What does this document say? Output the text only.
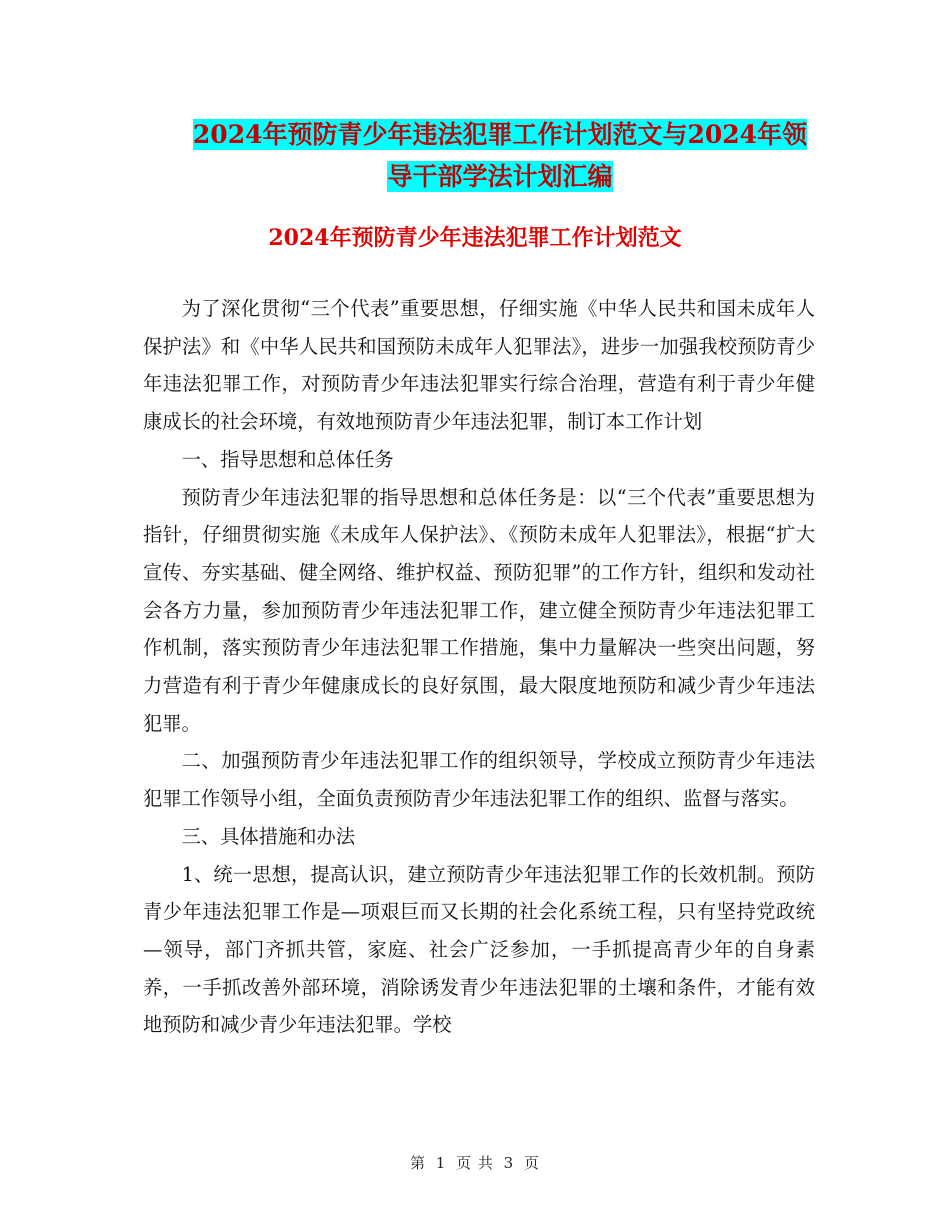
2024年预防青少年违法犯罪工作计划范文与2024年领
导干部学法计划汇编
2024年预防青少年违法犯罪工作计划范文

为了深化贯彻“三个代表”重要思想，仔细实施《中华人民共和国未成年人保护法》和《中华人民共和国预防未成年人犯罪法》，进步一加强我校预防青少年违法犯罪工作，对预防青少年违法犯罪实行综合治理，营造有利于青少年健康成长的社会环境，有效地预防青少年违法犯罪，制订本工作计划

一、指导思想和总体任务

预防青少年违法犯罪的指导思想和总体任务是：以“三个代表”重要思想为指针，仔细贯彻实施《未成年人保护法》、《预防未成年人犯罪法》，根据“扩大宣传、夯实基础、健全网络、维护权益、预防犯罪”的工作方针，组织和发动社会各方力量，参加预防青少年违法犯罪工作，建立健全预防青少年违法犯罪工作机制，落实预防青少年违法犯罪工作措施，集中力量解决一些突出问题，努力营造有利于青少年健康成长的良好氛围，最大限度地预防和减少青少年违法犯罪。

二、加强预防青少年违法犯罪工作的组织领导，学校成立预防青少年违法犯罪工作领导小组，全面负责预防青少年违法犯罪工作的组织、监督与落实。

三、具体措施和办法

1、统一思想，提高认识，建立预防青少年违法犯罪工作的长效机制。预防青少年违法犯罪工作是—项艰巨而又长期的社会化系统工程，只有坚持党政统—领导，部门齐抓共管，家庭、社会广泛参加，一手抓提高青少年的自身素养，一手抓改善外部环境，消除诱发青少年违法犯罪的土壤和条件，才能有效地预防和减少青少年违法犯罪。学校

第 1 页 共 3 页
